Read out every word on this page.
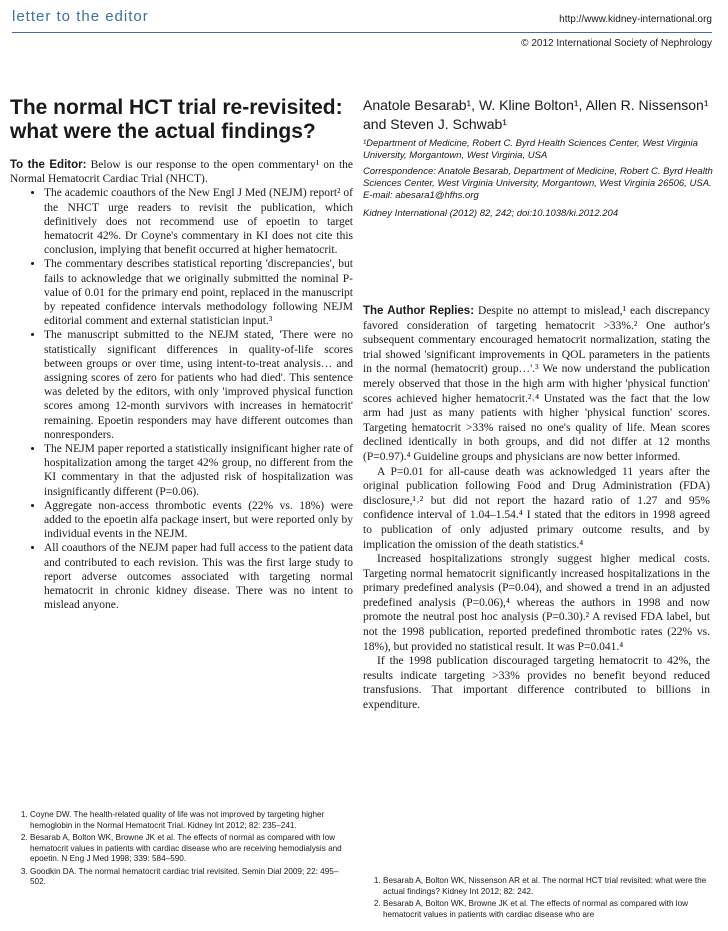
letter to the editor	http://www.kidney-international.org
© 2012 International Society of Nephrology
The normal HCT trial re-revisited: what were the actual findings?
Anatole Besarab¹, W. Kline Bolton¹, Allen R. Nissenson¹ and Steven J. Schwab¹
¹Department of Medicine, Robert C. Byrd Health Sciences Center, West Virginia University, Morgantown, West Virginia, USA
Correspondence: Anatole Besarab, Department of Medicine, Robert C. Byrd Health Sciences Center, West Virginia University, Morgantown, West Virginia 26506, USA. E-mail: abesara1@hfhs.org
Kidney International (2012) 82, 242; doi:10.1038/ki.2012.204

To the Editor: Below is our response to the open commentary¹ on the Normal Hematocrit Cardiac Trial (NHCT).

• The academic coauthors of the New Engl J Med (NEJM) report² of the NHCT urge readers to revisit the publication, which definitively does not recommend use of epoetin to target hematocrit 42%. Dr Coyne's commentary in KI does not cite this conclusion, implying that benefit occurred at higher hematocrit.
• The commentary describes statistical reporting 'discrepancies', but fails to acknowledge that we originally submitted the nominal P-value of 0.01 for the primary end point, replaced in the manuscript by repeated confidence intervals methodology following NEJM editorial comment and external statistician input.³
• The manuscript submitted to the NEJM stated, 'There were no statistically significant differences in quality-of-life scores between groups or over time, using intent-to-treat analysis… and assigning scores of zero for patients who had died'. This sentence was deleted by the editors, with only 'improved physical function scores among 12-month survivors with increases in hematocrit' remaining. Epoetin responders may have different outcomes than nonresponders.
• The NEJM paper reported a statistically insignificant higher rate of hospitalization among the target 42% group, no different from the KI commentary in that the adjusted risk of hospitalization was insignificantly different (P=0.06).
• Aggregate non-access thrombotic events (22% vs. 18%) were added to the epoetin alfa package insert, but were reported only by individual events in the NEJM.
• All coauthors of the NEJM paper had full access to the patient data and contributed to each revision. This was the first large study to report adverse outcomes associated with targeting normal hematocrit in chronic kidney disease. There was no intent to mislead anyone.
1. Coyne DW. The health-related quality of life was not improved by targeting higher hemoglobin in the Normal Hematocrit Trial. Kidney Int 2012; 82: 235–241.
2. Besarab A, Bolton WK, Browne JK et al. The effects of normal as compared with low hematocrit values in patients with cardiac disease who are receiving hemodialysis and epoetin. N Eng J Med 1998; 339: 584–590.
3. Goodkin DA. The normal hematocrit cardiac trial revisited. Semin Dial 2009; 22: 495–502.

The Author Replies: Despite no attempt to mislead,¹ each discrepancy favored consideration of targeting hematocrit >33%.² One author's subsequent commentary encouraged hematocrit normalization, stating the trial showed 'significant improvements in QOL parameters in the patients in the normal (hematocrit) group…'.³ We now understand the publication merely observed that those in the high arm with higher 'physical function' scores achieved higher hematocrit.²˒⁴ Unstated was the fact that the low arm had just as many patients with higher 'physical function' scores. Targeting hematocrit >33% raised no one's quality of life. Mean scores declined identically in both groups, and did not differ at 12 months (P=0.97).⁴ Guideline groups and physicians are now better informed.

A P=0.01 for all-cause death was acknowledged 11 years after the original publication following Food and Drug Administration (FDA) disclosure,¹˒² but did not report the hazard ratio of 1.27 and 95% confidence interval of 1.04–1.54.⁴ I stated that the editors in 1998 agreed to publication of only adjusted primary outcome results, and by implication the omission of the death statistics.⁴

Increased hospitalizations strongly suggest higher medical costs. Targeting normal hematocrit significantly increased hospitalizations in the primary predefined analysis (P=0.04), and showed a trend in an adjusted predefined analysis (P=0.06),⁴ whereas the authors in 1998 and now promote the neutral post hoc analysis (P=0.30).² A revised FDA label, but not the 1998 publication, reported predefined thrombotic rates (22% vs. 18%), but provided no statistical result. It was P=0.041.⁴

If the 1998 publication discouraged targeting hematocrit to 42%, the results indicate targeting >33% provides no benefit beyond reduced transfusions. That important difference contributed to billions in expenditure.

1. Besarab A, Bolton WK, Nissenson AR et al. The normal HCT trial revisited: what were the actual findings? Kidney Int 2012; 82: 242.
2. Besarab A, Bolton WK, Browne JK et al. The effects of normal as compared with low hematocrit values in patients with cardiac disease who are
